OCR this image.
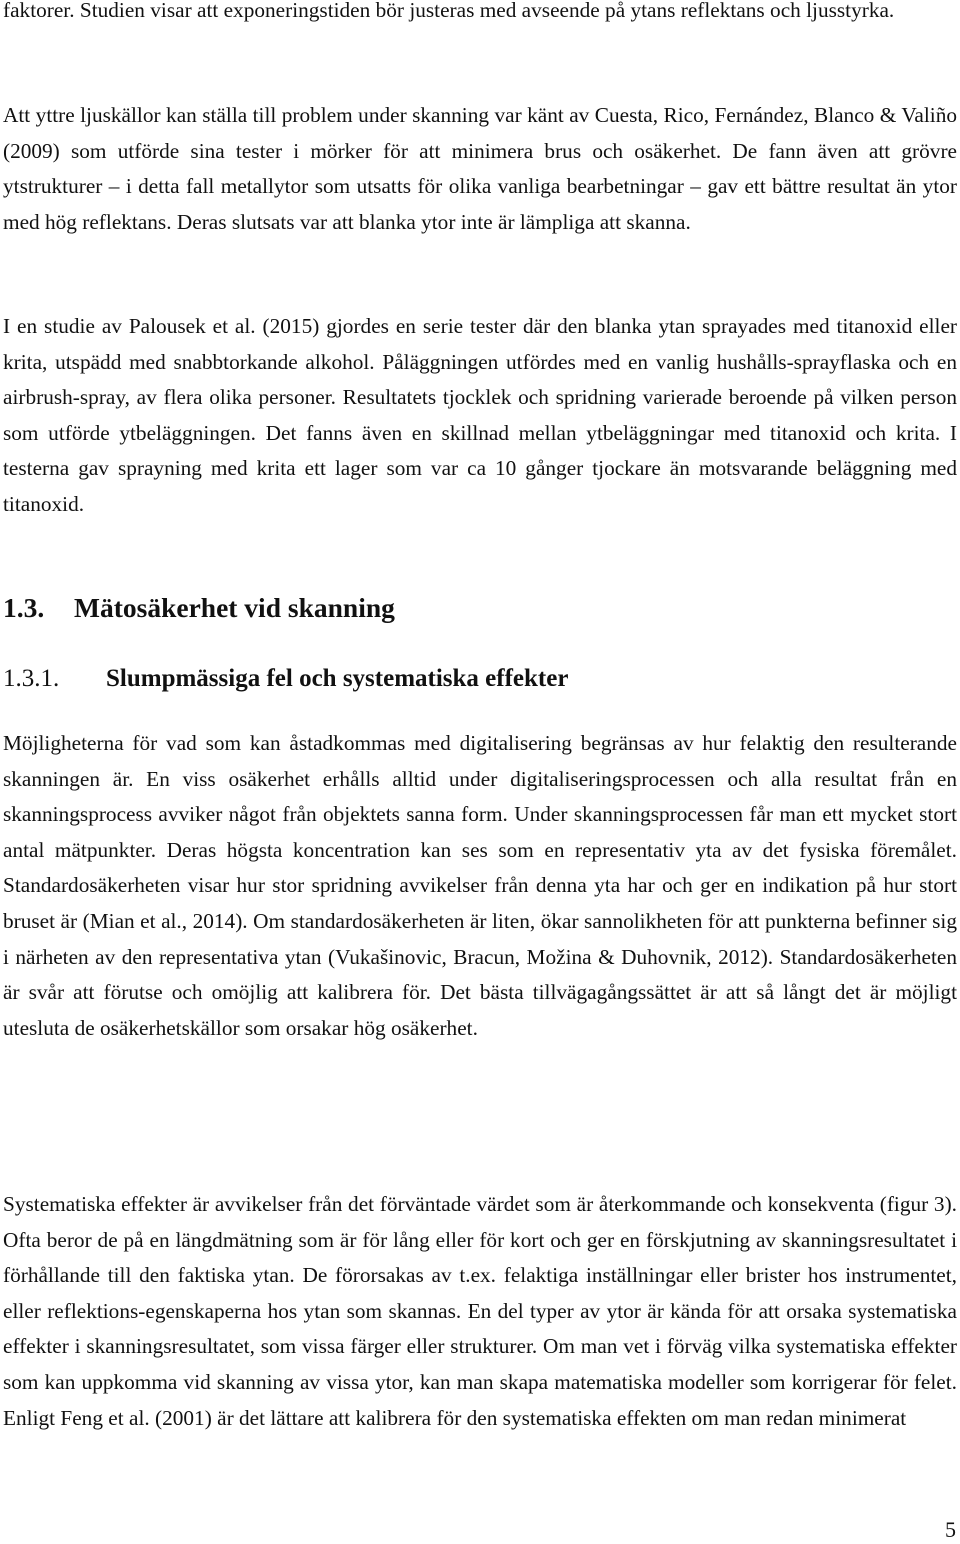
faktorer. Studien visar att exponeringstiden bör justeras med avseende på ytans reflektans och ljusstyrka.

Att yttre ljuskällor kan ställa till problem under skanning var känt av Cuesta, Rico, Fernández, Blanco & Valiño (2009) som utförde sina tester i mörker för att minimera brus och osäkerhet. De fann även att grövre ytstrukturer – i detta fall metallytor som utsatts för olika vanliga bearbetningar – gav ett bättre resultat än ytor med hög reflektans. Deras slutsats var att blanka ytor inte är lämpliga att skanna.

I en studie av Palousek et al. (2015) gjordes en serie tester där den blanka ytan sprayades med titanoxid eller krita, utspädd med snabbtorkande alkohol. Påläggningen utfördes med en vanlig hushålls-sprayflaska och en airbrush-spray, av flera olika personer. Resultatets tjocklek och spridning varierade beroende på vilken person som utförde ytbeläggningen. Det fanns även en skillnad mellan ytbeläggningar med titanoxid och krita. I testerna gav sprayning med krita ett lager som var ca 10 gånger tjockare än motsvarande beläggning med titanoxid.

1.3. Mätosäkerhet vid skanning
1.3.1. Slumpmässiga fel och systematiska effekter

Möjligheterna för vad som kan åstadkommas med digitalisering begränsas av hur felaktig den resulterande skanningen är. En viss osäkerhet erhålls alltid under digitaliseringsprocessen och alla resultat från en skanningsprocess avviker något från objektets sanna form. Under skanningsprocessen får man ett mycket stort antal mätpunkter. Deras högsta koncentration kan ses som en representativ yta av det fysiska föremålet. Standardosäkerheten visar hur stor spridning avvikelser från denna yta har och ger en indikation på hur stort bruset är (Mian et al., 2014). Om standardosäkerheten är liten, ökar sannolikheten för att punkterna befinner sig i närheten av den representativa ytan (Vukašinovic, Bracun, Možina & Duhovnik, 2012). Standardosäkerheten är svår att förutse och omöjlig att kalibrera för. Det bästa tillvägagångssättet är att så långt det är möjligt utesluta de osäkerhetskällor som orsakar hög osäkerhet.

Systematiska effekter är avvikelser från det förväntade värdet som är återkommande och konsekventa (figur 3). Ofta beror de på en längdmätning som är för lång eller för kort och ger en förskjutning av skanningsresultatet i förhållande till den faktiska ytan. De förorsakas av t.ex. felaktiga inställningar eller brister hos instrumentet, eller reflektions-egenskaperna hos ytan som skannas. En del typer av ytor är kända för att orsaka systematiska effekter i skanningsresultatet, som vissa färger eller strukturer. Om man vet i förväg vilka systematiska effekter som kan uppkomma vid skanning av vissa ytor, kan man skapa matematiska modeller som korrigerar för felet. Enligt Feng et al. (2001) är det lättare att kalibrera för den systematiska effekten om man redan minimerat

5
